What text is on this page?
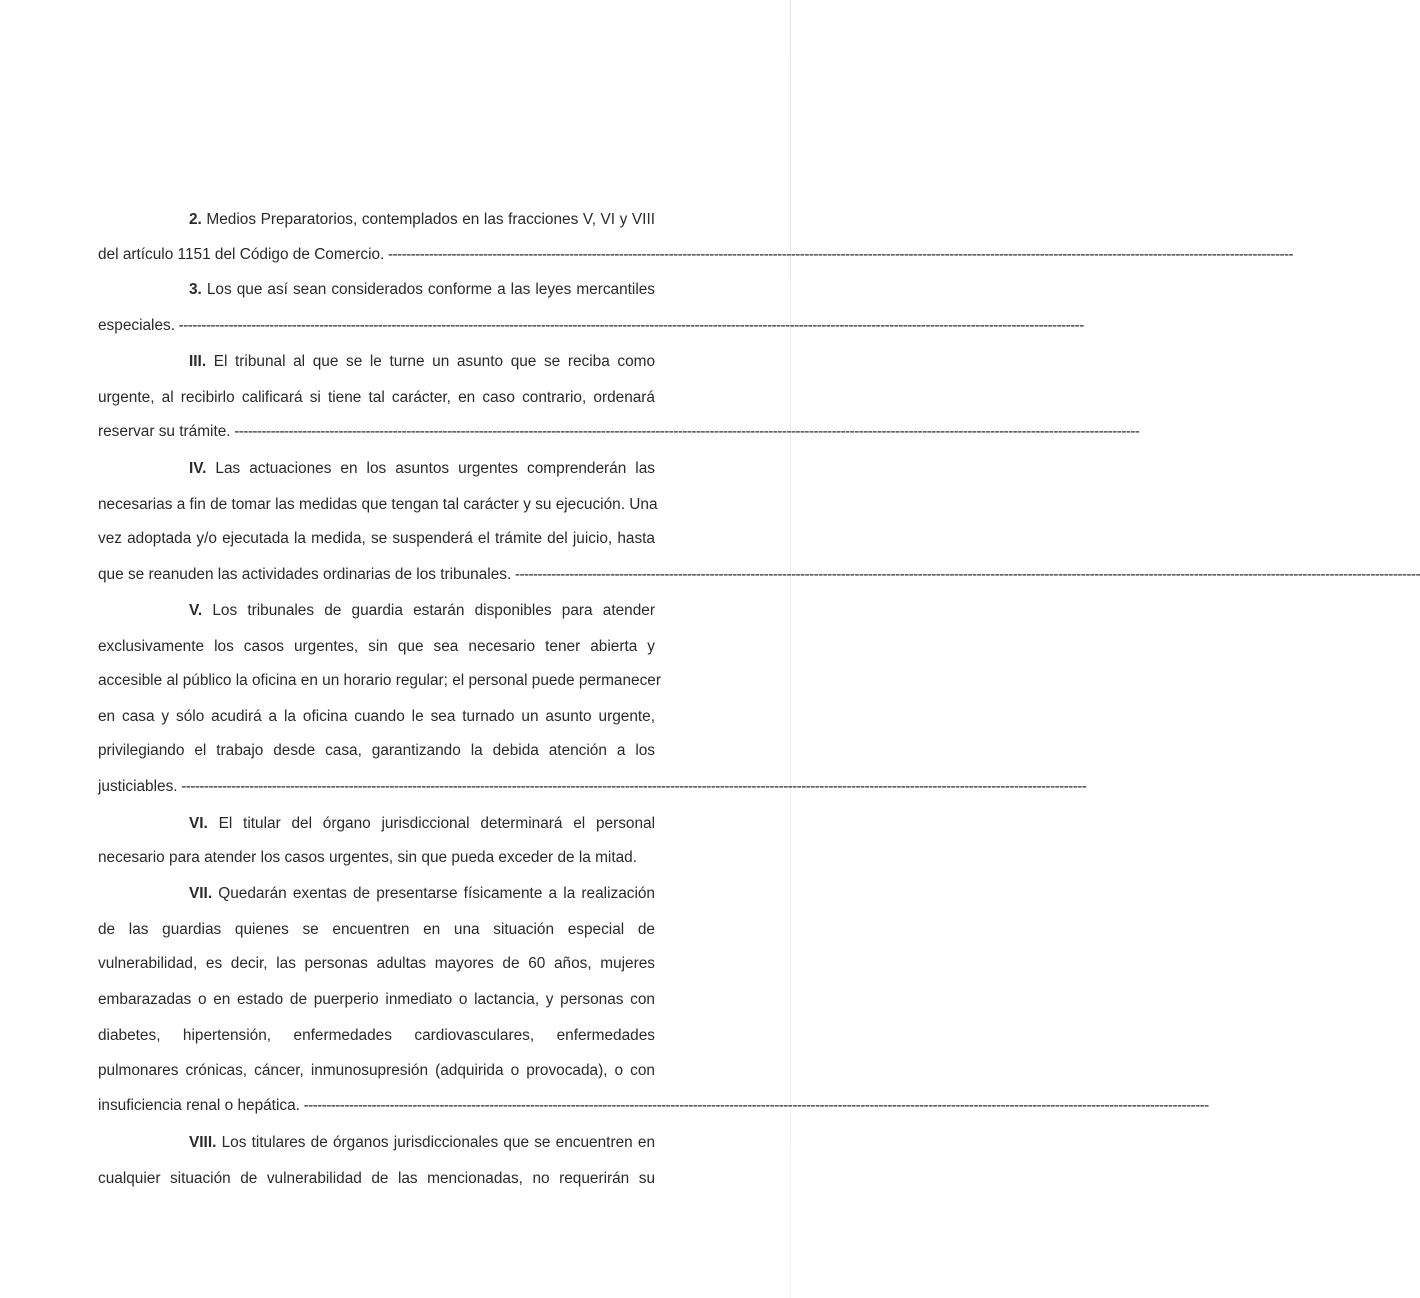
2. Medios Preparatorios, contemplados en las fracciones V, VI y VIII
del artículo 1151 del Código de Comercio. --------------------------------------------------------------------------------------------------------------------------------------------------------------------------------------------------------
3. Los que así sean considerados conforme a las leyes mercantiles
especiales. --------------------------------------------------------------------------------------------------------------------------------------------------------------------------------------------------------
III. El tribunal al que se le turne un asunto que se reciba como
urgente, al recibirlo calificará si tiene tal carácter, en caso contrario, ordenará
reservar su trámite. --------------------------------------------------------------------------------------------------------------------------------------------------------------------------------------------------------
IV. Las actuaciones en los asuntos urgentes comprenderán las
necesarias a fin de tomar las medidas que tengan tal carácter y su ejecución. Una
vez adoptada y/o ejecutada la medida, se suspenderá el trámite del juicio, hasta
que se reanuden las actividades ordinarias de los tribunales. --------------------------------------------------------------------------------------------------------------------------------------------------------------------------------------------------------
V. Los tribunales de guardia estarán disponibles para atender
exclusivamente los casos urgentes, sin que sea necesario tener abierta y
accesible al público la oficina en un horario regular; el personal puede permanecer
en casa y sólo acudirá a la oficina cuando le sea turnado un asunto urgente,
privilegiando el trabajo desde casa, garantizando la debida atención a los
justiciables. --------------------------------------------------------------------------------------------------------------------------------------------------------------------------------------------------------
VI. El titular del órgano jurisdiccional determinará el personal
necesario para atender los casos urgentes, sin que pueda exceder de la mitad.
VII. Quedarán exentas de presentarse físicamente a la realización
de las guardias quienes se encuentren en una situación especial de
vulnerabilidad, es decir, las personas adultas mayores de 60 años, mujeres
embarazadas o en estado de puerperio inmediato o lactancia, y personas con
diabetes, hipertensión, enfermedades cardiovasculares, enfermedades
pulmonares crónicas, cáncer, inmunosupresión (adquirida o provocada), o con
insuficiencia renal o hepática. --------------------------------------------------------------------------------------------------------------------------------------------------------------------------------------------------------
VIII. Los titulares de órganos jurisdiccionales que se encuentren en
cualquier situación de vulnerabilidad de las mencionadas, no requerirán su
